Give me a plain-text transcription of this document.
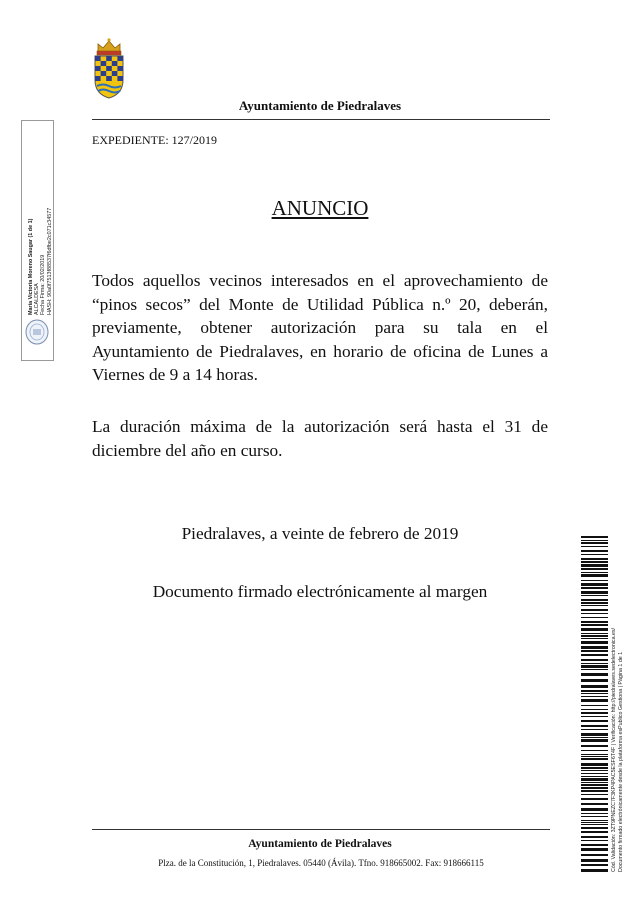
Ayuntamiento de Piedralaves
EXPEDIENTE: 127/2019
ANUNCIO
Todos aquellos vecinos interesados en el aprovechamiento de “pinos secos” del Monte de Utilidad Pública n.º 20, deberán, previamente, obtener autorización para su tala en el Ayuntamiento de Piedralaves, en horario de oficina de Lunes a Viernes de 9 a 14 horas.
La duración máxima de la autorización será hasta el 31 de diciembre del año en curso.
Piedralaves, a veinte de febrero de 2019
Documento firmado electrónicamente al margen
María Victoria Moreno Saugar (1 de 1) ALCALDESA Fecha Firma: 20/02/2019 HASH: 90a0f7513f88537f6dfbe2c071c34577
Cód. Validación: 3ZT9PNEZC7F3KP4PAC5ESF6T4F | Verificación: http://piedralaves.sedelectronica.es/ Documento firmado electrónicamente desde la plataforma esPublico Gestiona | Página 1 de 1
Ayuntamiento de Piedralaves
Plza. de la Constitución, 1, Piedralaves. 05440 (Ávila). Tfno. 918665002. Fax: 918666115
